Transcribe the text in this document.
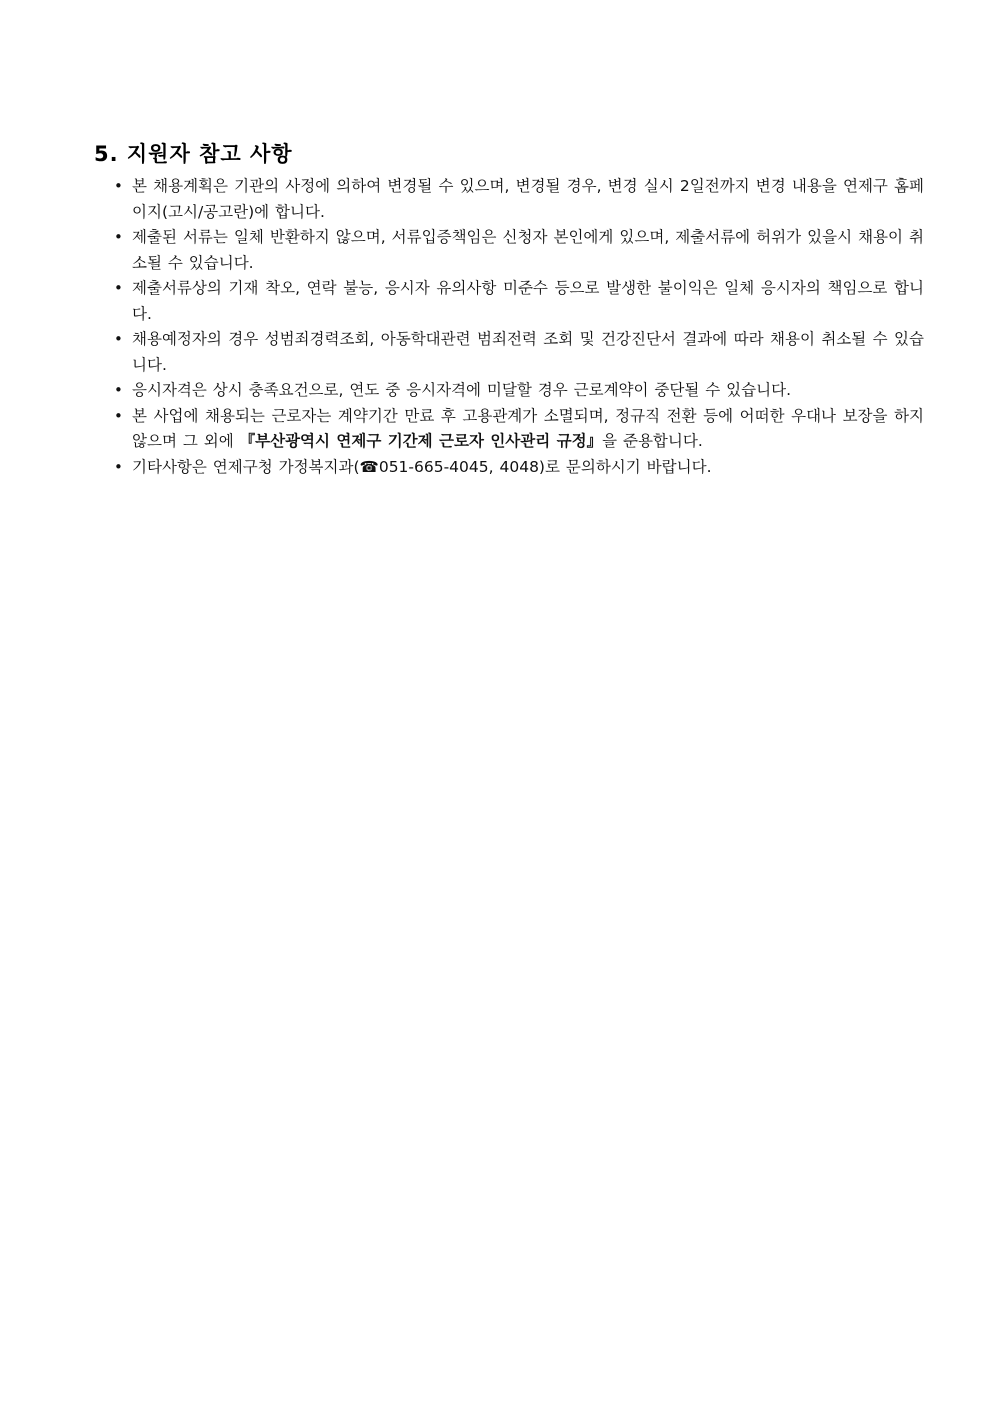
5. 지원자 참고 사항
• 본 채용계획은 기관의 사정에 의하여 변경될 수 있으며, 변경될 경우, 변경 실시 2일전까지 변경 내용을 연제구 홈페이지(고시/공고란)에 합니다.
• 제출된 서류는 일체 반환하지 않으며, 서류입증책임은 신청자 본인에게 있으며, 제출서류에 허위가 있을시 채용이 취소될 수 있습니다.
• 제출서류상의 기재 착오, 연락 불능, 응시자 유의사항 미준수 등으로 발생한 불이익은 일체 응시자의 책임으로 합니다.
• 채용예정자의 경우 성범죄경력조회, 아동학대관련 범죄전력 조회 및 건강진단서 결과에 따라 채용이 취소될 수 있습니다.
• 응시자격은 상시 충족요건으로, 연도 중 응시자격에 미달할 경우 근로계약이 중단될 수 있습니다.
• 본 사업에 채용되는 근로자는 계약기간 만료 후 고용관계가 소멸되며, 정규직 전환 등에 어떠한 우대나 보장을 하지 않으며 그 외에 『부산광역시 연제구 기간제 근로자 인사관리 규정』을 준용합니다.
• 기타사항은 연제구청 가정복지과(☎051-665-4045, 4048)로 문의하시기 바랍니다.
